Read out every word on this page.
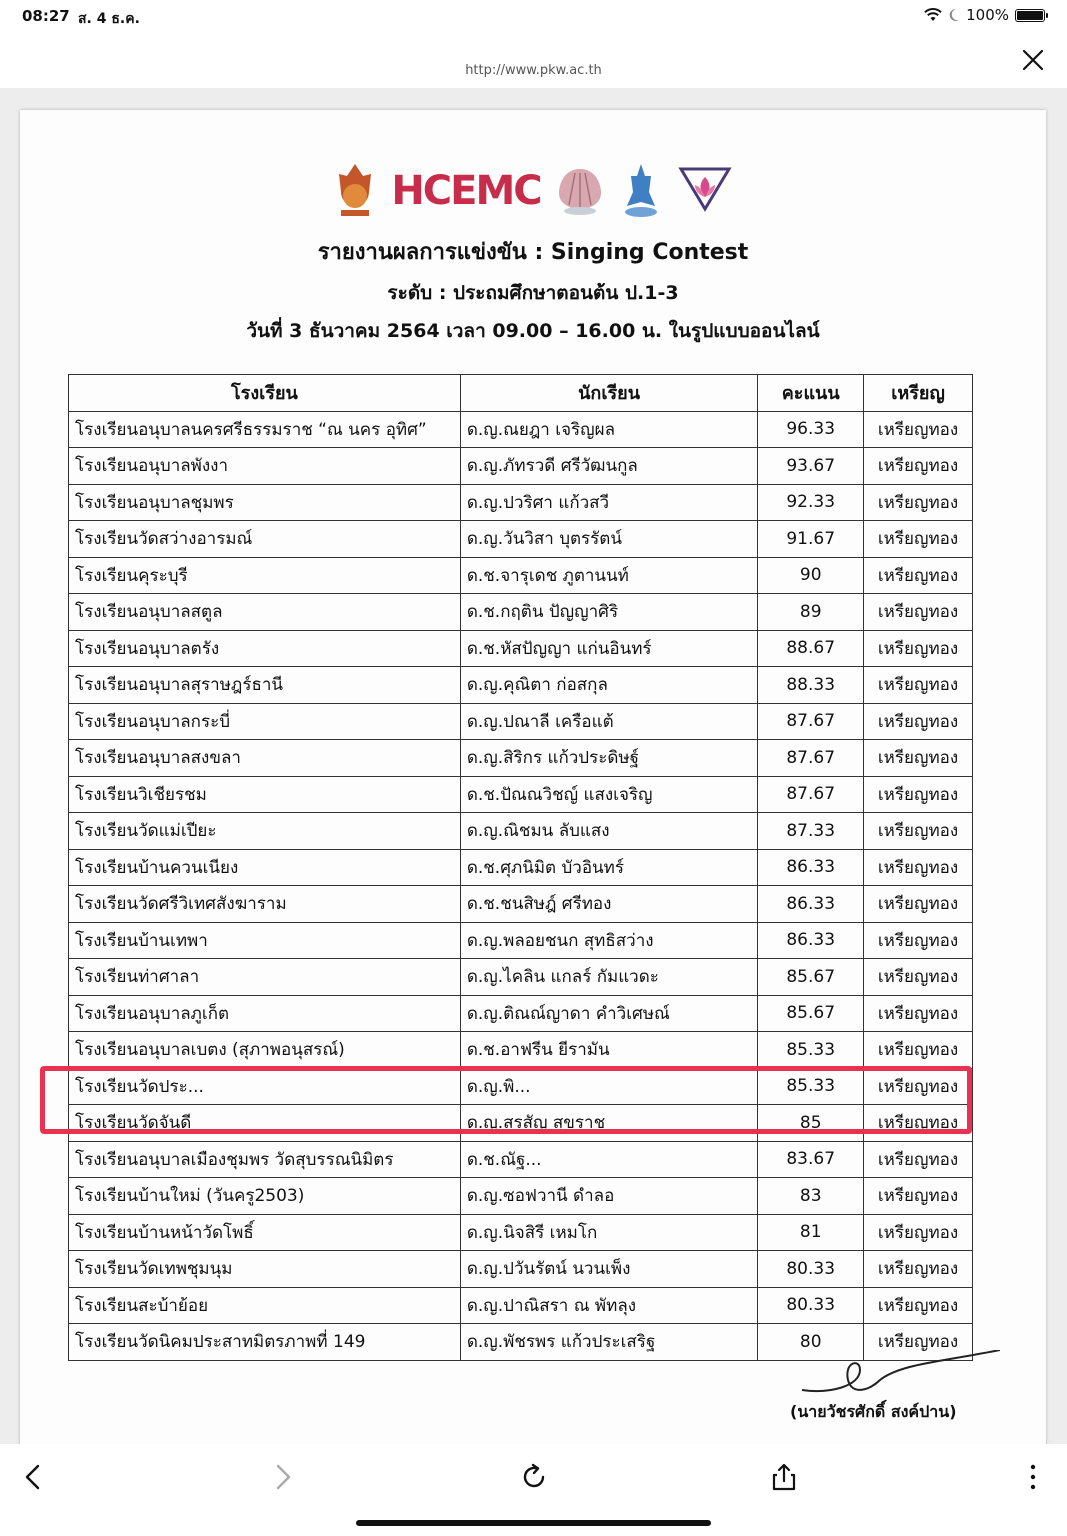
08:27 ส. 4 ธ.ค.	100%
http://www.pkw.ac.th
HCEMC
รายงานผลการแข่งขัน : Singing Contest
ระดับ : ประถมศึกษาตอนต้น ป.1-3
วันที่ 3 ธันวาคม 2564 เวลา 09.00 – 16.00 น. ในรูปแบบออนไลน์
โรงเรียน	นักเรียน	คะแนน	เหรียญ
โรงเรียนอนุบาลนครศรีธรรมราช “ณ นคร อุทิศ”	ด.ญ.ณยฎา เจริญผล	96.33	เหรียญทอง
โรงเรียนอนุบาลพังงา	ด.ญ.ภัทรวดี ศรีวัฒนกูล	93.67	เหรียญทอง
โรงเรียนอนุบาลชุมพร	ด.ญ.ปวริศา แก้วสวี	92.33	เหรียญทอง
โรงเรียนวัดสว่างอารมณ์	ด.ญ.วันวิสา บุตรรัตน์	91.67	เหรียญทอง
โรงเรียนคุระบุรี	ด.ช.จารุเดช ภูตานนท์	90	เหรียญทอง
โรงเรียนอนุบาลสตูล	ด.ช.กฤติน ปัญญาศิริ	89	เหรียญทอง
โรงเรียนอนุบาลตรัง	ด.ช.หัสปัญญา แก่นอินทร์	88.67	เหรียญทอง
โรงเรียนอนุบาลสุราษฎร์ธานี	ด.ญ.คุณิตา ก่อสกุล	88.33	เหรียญทอง
โรงเรียนอนุบาลกระบี่	ด.ญ.ปณาลี เครือแต้	87.67	เหรียญทอง
โรงเรียนอนุบาลสงขลา	ด.ญ.สิริกร แก้วประดิษฐ์	87.67	เหรียญทอง
โรงเรียนวิเชียรชม	ด.ช.ปัณณวิชญ์ แสงเจริญ	87.67	เหรียญทอง
โรงเรียนวัดแม่เปียะ	ด.ญ.ณิชมน ลับแสง	87.33	เหรียญทอง
โรงเรียนบ้านควนเนียง	ด.ช.ศุภนิมิต บัวอินทร์	86.33	เหรียญทอง
โรงเรียนวัดศรีวิเทศสังฆาราม	ด.ช.ชนสิษฎ์ ศรีทอง	86.33	เหรียญทอง
โรงเรียนบ้านเทพา	ด.ญ.พลอยชนก สุทธิสว่าง	86.33	เหรียญทอง
โรงเรียนท่าศาลา	ด.ญ.ไคลิน แกลร์ กัมแวดะ	85.67	เหรียญทอง
โรงเรียนอนุบาลภูเก็ต	ด.ญ.ติณณ์ญาดา คำวิเศษณ์	85.67	เหรียญทอง
โรงเรียนอนุบาลเบตง (สุภาพอนุสรณ์)	ด.ช.อาฟรีน ยีรามัน	85.33	เหรียญทอง
โรงเรียนวัดประ...	ด.ญ.พิ...	85.33	เหรียญทอง
โรงเรียนวัดจันดี	ด.ญ.สรสัญ สุขราช	85	เหรียญทอง
โรงเรียนอนุบาลเมืองชุมพร วัดสุบรรณนิมิตร	ด.ช.ณัฐ...	83.67	เหรียญทอง
โรงเรียนบ้านใหม่ (วันครู2503)	ด.ญ.ซอฟวานี ดำลอ	83	เหรียญทอง
โรงเรียนบ้านหน้าวัดโพธิ์	ด.ญ.นิจสิรี เหมโก	81	เหรียญทอง
โรงเรียนวัดเทพชุมนุม	ด.ญ.ปวันรัตน์ นวนเพ็ง	80.33	เหรียญทอง
โรงเรียนสะบ้าย้อย	ด.ญ.ปาณิสรา ณ พัทลุง	80.33	เหรียญทอง
โรงเรียนวัดนิคมประสาทมิตรภาพที่ 149	ด.ญ.พัชรพร แก้วประเสริฐ	80	เหรียญทอง
(นายวัชรศักดิ์ สงค์ปาน)
